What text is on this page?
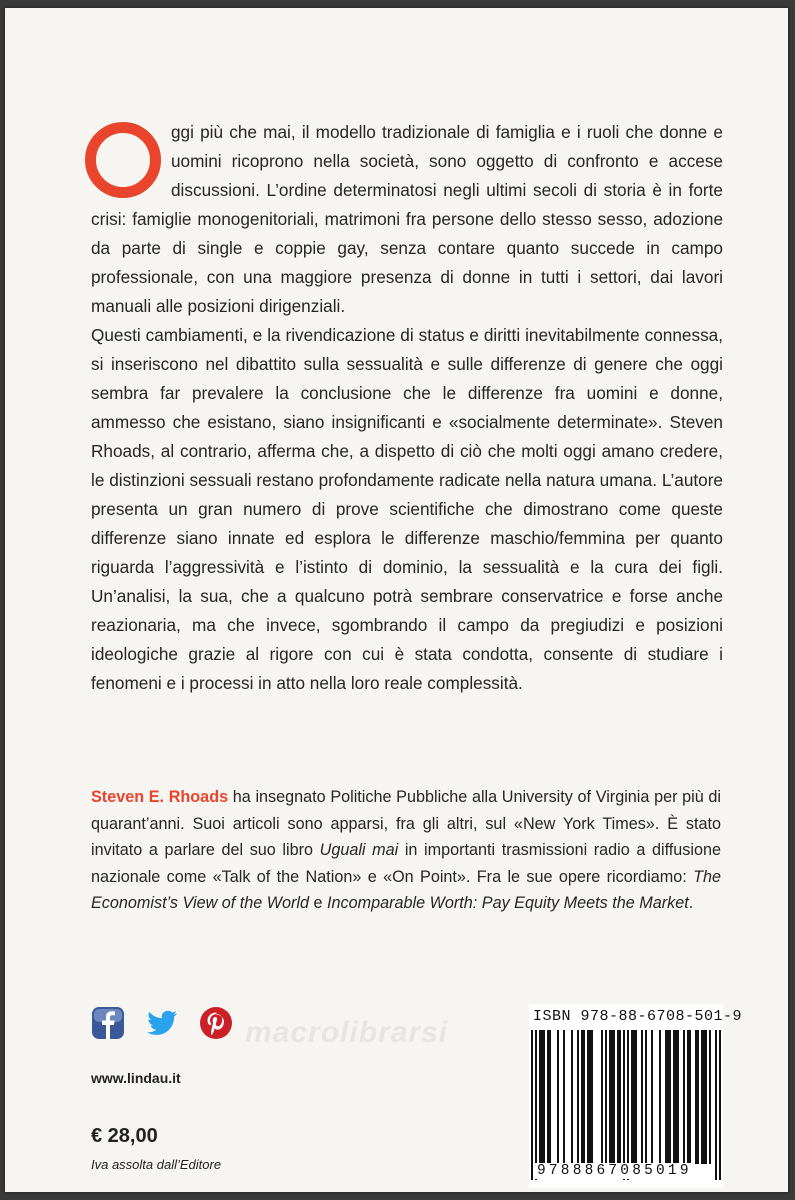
ggi più che mai, il modello tradizionale di famiglia e i ruoli che donne e uomini ricoprono nella società, sono oggetto di confronto e accese discussioni. L’ordine determinatosi negli ultimi secoli di storia è in forte crisi: famiglie monogenitoriali, matrimoni fra persone dello stesso sesso, adozione da parte di single e coppie gay, senza contare quanto succede in campo professionale, con una maggiore presenza di donne in tutti i settori, dai lavori manuali alle posizioni dirigenziali.

Questi cambiamenti, e la rivendicazione di status e diritti inevitabilmente connessa, si inseriscono nel dibattito sulla sessualità e sulle differenze di genere che oggi sembra far prevalere la conclusione che le differenze fra uomini e donne, ammesso che esistano, siano insignificanti e «socialmente determinate». Steven Rhoads, al contrario, afferma che, a dispetto di ciò che molti oggi amano credere, le distinzioni sessuali restano profondamente radicate nella natura umana. L’autore presenta un gran numero di prove scientifiche che dimostrano come queste differenze siano innate ed esplora le differenze maschio/femmina per quanto riguarda l’aggressività e l’istinto di dominio, la sessualità e la cura dei figli. Un’analisi, la sua, che a qualcuno potrà sembrare conservatrice e forse anche reazionaria, ma che invece, sgombrando il campo da pregiudizi e posizioni ideologiche grazie al rigore con cui è stata condotta, consente di studiare i fenomeni e i processi in atto nella loro reale complessità.

Steven E. Rhoads ha insegnato Politiche Pubbliche alla University of Virginia per più di quarant’anni. Suoi articoli sono apparsi, fra gli altri, sul «New York Times». È stato invitato a parlare del suo libro Uguali mai in importanti trasmissioni radio a diffusione nazionale come «Talk of the Nation» e «On Point». Fra le sue opere ricordiamo: The Economist’s View of the World e Incomparable Worth: Pay Equity Meets the Market.
macrolibrarsi
www.lindau.it
€ 28,00
Iva assolta dall’Editore
ISBN 978-88-6708-501-9
9788867085019
